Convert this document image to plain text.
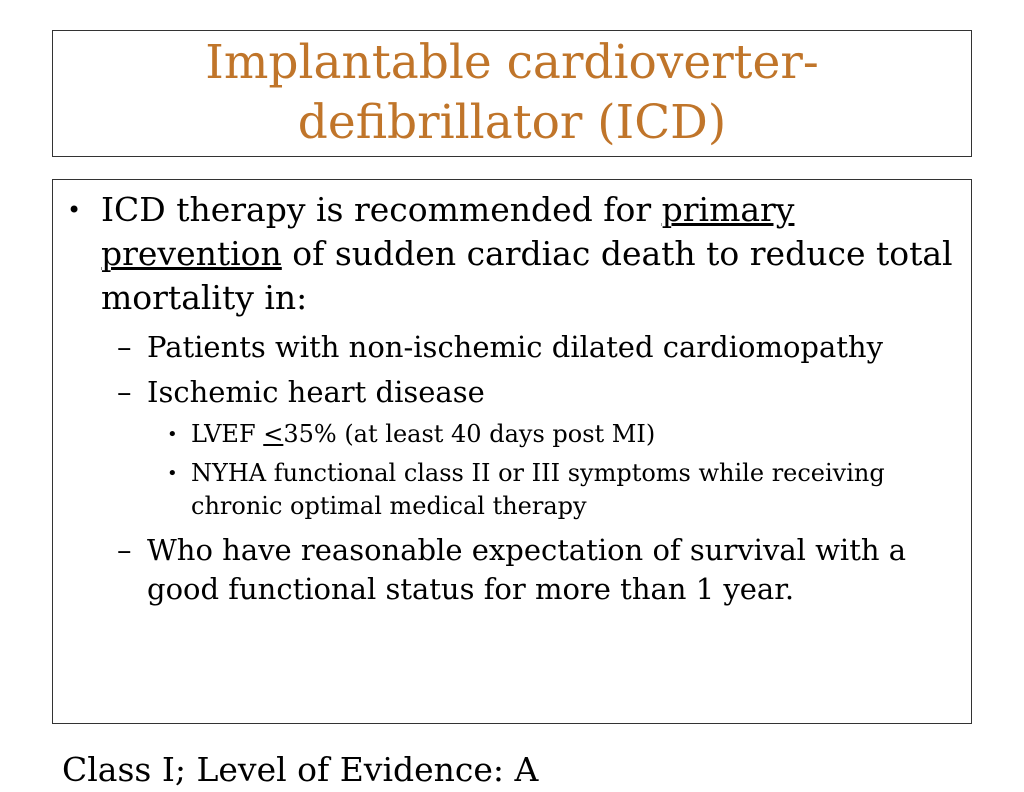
Implantable cardioverter-
defibrillator (ICD)
• ICD therapy is recommended for primary prevention of sudden cardiac death to reduce total mortality in:
– Patients with non-ischemic dilated cardiomopathy
– Ischemic heart disease
• LVEF ≤35% (at least 40 days post MI)
• NYHA functional class II or III symptoms while receiving chronic optimal medical therapy
– Who have reasonable expectation of survival with a good functional status for more than 1 year.
Class I; Level of Evidence: A
